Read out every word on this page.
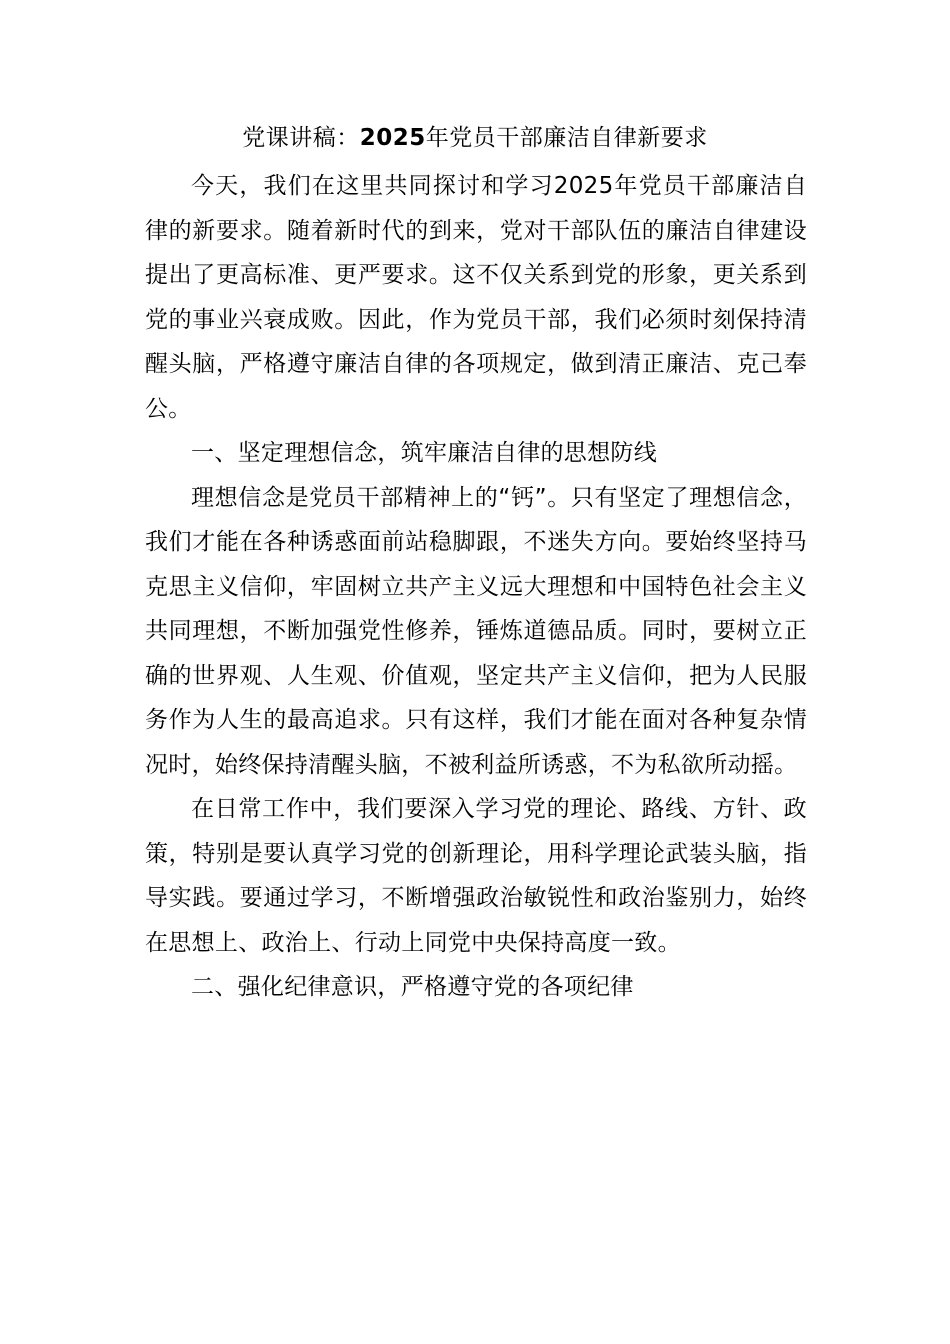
党课讲稿：2025年党员干部廉洁自律新要求

今天，我们在这里共同探讨和学习2025年党员干部廉洁自律的新要求。随着新时代的到来，党对干部队伍的廉洁自律建设提出了更高标准、更严要求。这不仅关系到党的形象，更关系到党的事业兴衰成败。因此，作为党员干部，我们必须时刻保持清醒头脑，严格遵守廉洁自律的各项规定，做到清正廉洁、克己奉公。

一、坚定理想信念，筑牢廉洁自律的思想防线

理想信念是党员干部精神上的“钙”。只有坚定了理想信念，我们才能在各种诱惑面前站稳脚跟，不迷失方向。要始终坚持马克思主义信仰，牢固树立共产主义远大理想和中国特色社会主义共同理想，不断加强党性修养，锤炼道德品质。同时，要树立正确的世界观、人生观、价值观，坚定共产主义信仰，把为人民服务作为人生的最高追求。只有这样，我们才能在面对各种复杂情况时，始终保持清醒头脑，不被利益所诱惑，不为私欲所动摇。

在日常工作中，我们要深入学习党的理论、路线、方针、政策，特别是要认真学习党的创新理论，用科学理论武装头脑，指导实践。要通过学习，不断增强政治敏锐性和政治鉴别力，始终在思想上、政治上、行动上同党中央保持高度一致。

二、强化纪律意识，严格遵守党的各项纪律
